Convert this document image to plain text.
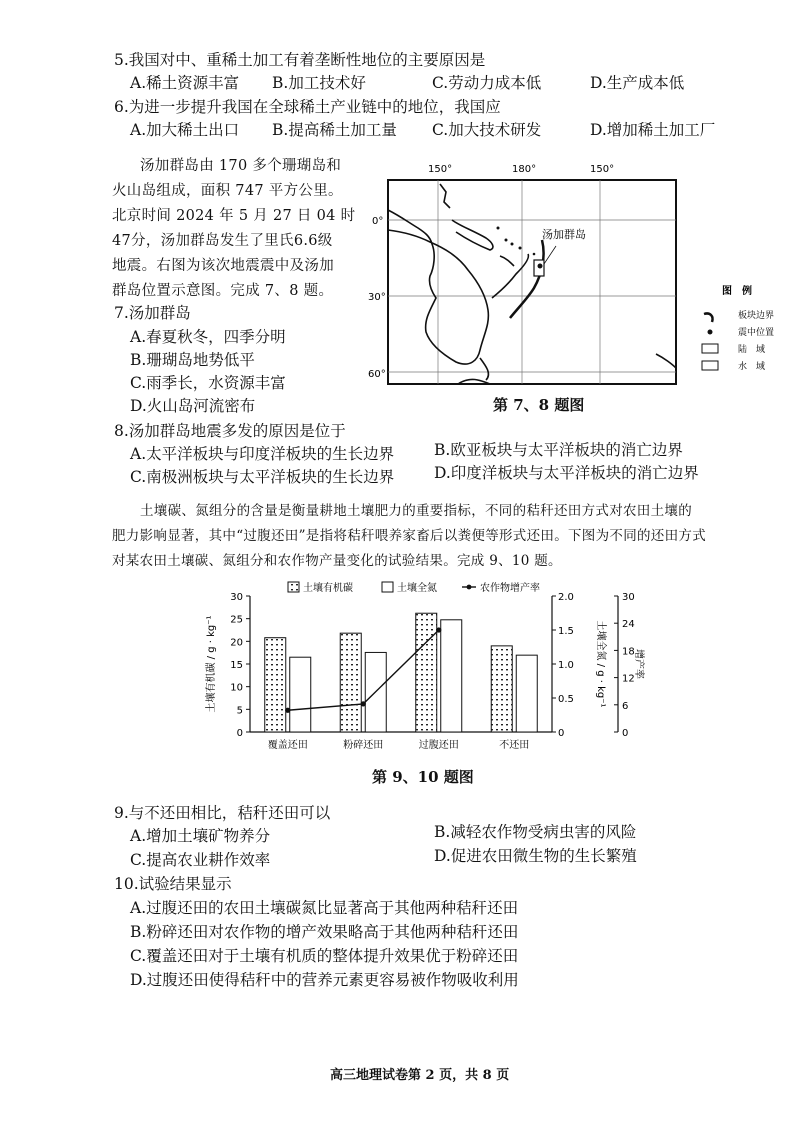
5.我国对中、重稀土加工有着垄断性地位的主要原因是
A.稀土资源丰富 B.加工技术好	C.劳动力成本低	D.生产成本低
6.为进一步提升我国在全球稀土产业链中的地位，我国应
A.加大稀土出口 B.提高稀土加工量 C.加大技术研发	D.增加稀土加工厂
汤加群岛由 170 多个珊瑚岛和
火山岛组成，面积 747 平方公里。
北京时间 2024 年 5 月 27 日 04 时
47分，汤加群岛发生了里氏6.6级
地震。右图为该次地震震中及汤加
群岛位置示意图。完成 7、8 题。
150°	180°	150°
0°
30°
60°
汤加群岛
图　例
板块边界
震中位置
陆　域
水　域
第 7、8 题图
7.汤加群岛
A.春夏秋冬，四季分明
B.珊瑚岛地势低平
C.雨季长，水资源丰富
D.火山岛河流密布
8.汤加群岛地震多发的原因是位于
A.太平洋板块与印度洋板块的生长边界	B.欧亚板块与太平洋板块的消亡边界
C.南极洲板块与太平洋板块的生长边界	D.印度洋板块与太平洋板块的消亡边界
土壤碳、氮组分的含量是衡量耕地土壤肥力的重要指标，不同的秸秆还田方式对农田土壤的
肥力影响显著，其中“过腹还田”是指将秸秆喂养家畜后以粪便等形式还田。下图为不同的还田方式
对某农田土壤碳、氮组分和农作物产量变化的试验结果。完成 9、10 题。
0
5
10
15
20
25
30
0
0.5
1.0
1.5
2.0
0
6
12
18
24
30
土壤有机碳 / g · kg⁻¹	土壤全氮 / g · kg⁻¹	增产率
覆盖还田	粉碎还田	过腹还田	不还田
土壤有机碳	土壤全氮	农作物增产率
第 9、10 题图
9.与不还田相比，秸秆还田可以
A.增加土壤矿物养分	B.减轻农作物受病虫害的风险
C.提高农业耕作效率	D.促进农田微生物的生长繁殖
10.试验结果显示
A.过腹还田的农田土壤碳氮比显著高于其他两种秸秆还田
B.粉碎还田对农作物的增产效果略高于其他两种秸秆还田
C.覆盖还田对于土壤有机质的整体提升效果优于粉碎还田
D.过腹还田使得秸秆中的营养元素更容易被作物吸收利用
高三地理试卷第 2 页，共 8 页
